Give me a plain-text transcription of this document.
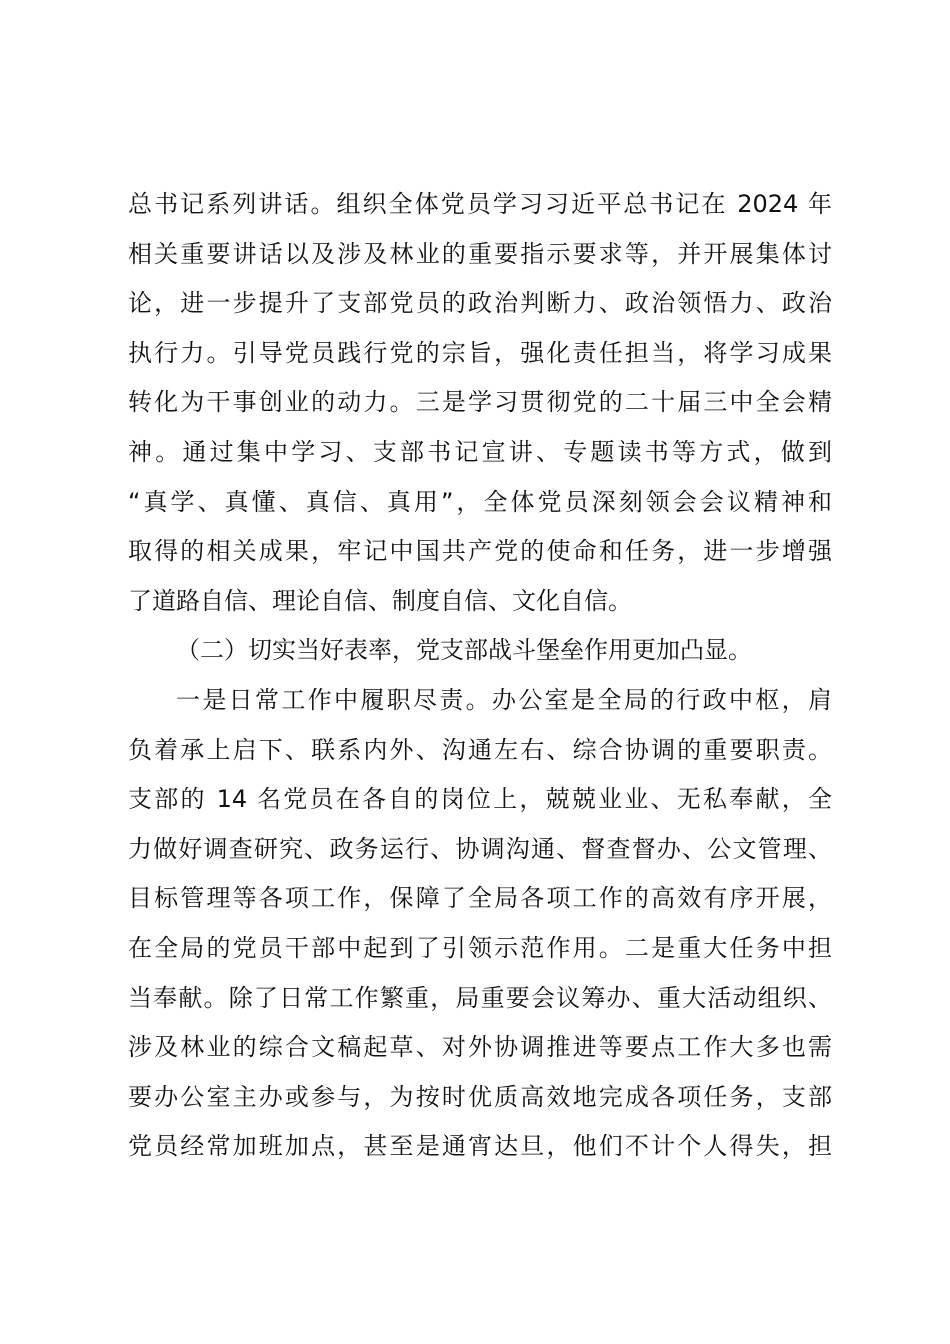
总书记系列讲话。组织全体党员学习习近平总书记在 2024 年
相关重要讲话以及涉及林业的重要指示要求等，并开展集体讨
论，进一步提升了支部党员的政治判断力、政治领悟力、政治
执行力。引导党员践行党的宗旨，强化责任担当，将学习成果
转化为干事创业的动力。三是学习贯彻党的二十届三中全会精
神。通过集中学习、支部书记宣讲、专题读书等方式，做到
“真学、真懂、真信、真用”，全体党员深刻领会会议精神和
取得的相关成果，牢记中国共产党的使命和任务，进一步增强
了道路自信、理论自信、制度自信、文化自信。
（二）切实当好表率，党支部战斗堡垒作用更加凸显。
一是日常工作中履职尽责。办公室是全局的行政中枢，肩
负着承上启下、联系内外、沟通左右、综合协调的重要职责。
支部的 14 名党员在各自的岗位上，兢兢业业、无私奉献，全
力做好调查研究、政务运行、协调沟通、督查督办、公文管理、
目标管理等各项工作，保障了全局各项工作的高效有序开展，
在全局的党员干部中起到了引领示范作用。二是重大任务中担
当奉献。除了日常工作繁重，局重要会议筹办、重大活动组织、
涉及林业的综合文稿起草、对外协调推进等要点工作大多也需
要办公室主办或参与，为按时优质高效地完成各项任务，支部
党员经常加班加点，甚至是通宵达旦，他们不计个人得失，担
